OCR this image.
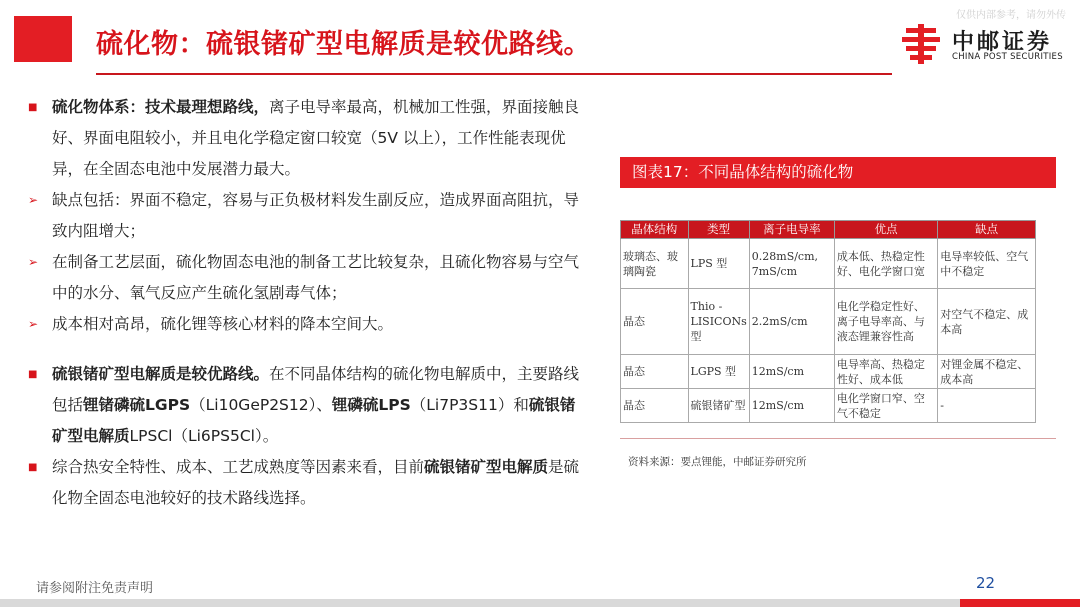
硫化物：硫银锗矿型电解质是较优路线。
仅供内部参考，请勿外传
中邮证券
CHINA POST SECURITIES
■ 硫化物体系：技术最理想路线，离子电导率最高，机械加工性强，界面接触良好、界面电阻较小，并且电化学稳定窗口较宽（5V 以上），工作性能表现优异，在全固态电池中发展潜力最大。
➢ 缺点包括：界面不稳定，容易与正负极材料发生副反应，造成界面高阻抗，导致内阻增大；
➢ 在制备工艺层面，硫化物固态电池的制备工艺比较复杂，且硫化物容易与空气中的水分、氧气反应产生硫化氢剧毒气体；
➢ 成本相对高昂，硫化锂等核心材料的降本空间大。
■ 硫银锗矿型电解质是较优路线。在不同晶体结构的硫化物电解质中，主要路线包括锂锗磷硫LGPS（Li10GeP2S12）、锂磷硫LPS（Li7P3S11）和硫银锗矿型电解质LPSCl（Li6PS5Cl）。
■ 综合热安全特性、成本、工艺成熟度等因素来看，目前硫银锗矿型电解质是硫化物全固态电池较好的技术路线选择。
图表17：不同晶体结构的硫化物
晶体结构	类型	离子电导率	优点	缺点
玻璃态、玻璃陶瓷	LPS 型	0.28mS/cm, 7mS/cm	成本低、热稳定性好、电化学窗口宽	电导率较低、空气中不稳定
晶态	Thio - LISICONs 型	2.2mS/cm	电化学稳定性好、离子电导率高、与液态锂兼容性高	对空气不稳定、成本高
晶态	LGPS 型	12mS/cm	电导率高、热稳定性好、成本低	对锂金属不稳定、成本高
晶态	硫银锗矿型	12mS/cm	电化学窗口窄、空气不稳定	-
资料来源：要点锂能，中邮证券研究所
请参阅附注免责声明	22
